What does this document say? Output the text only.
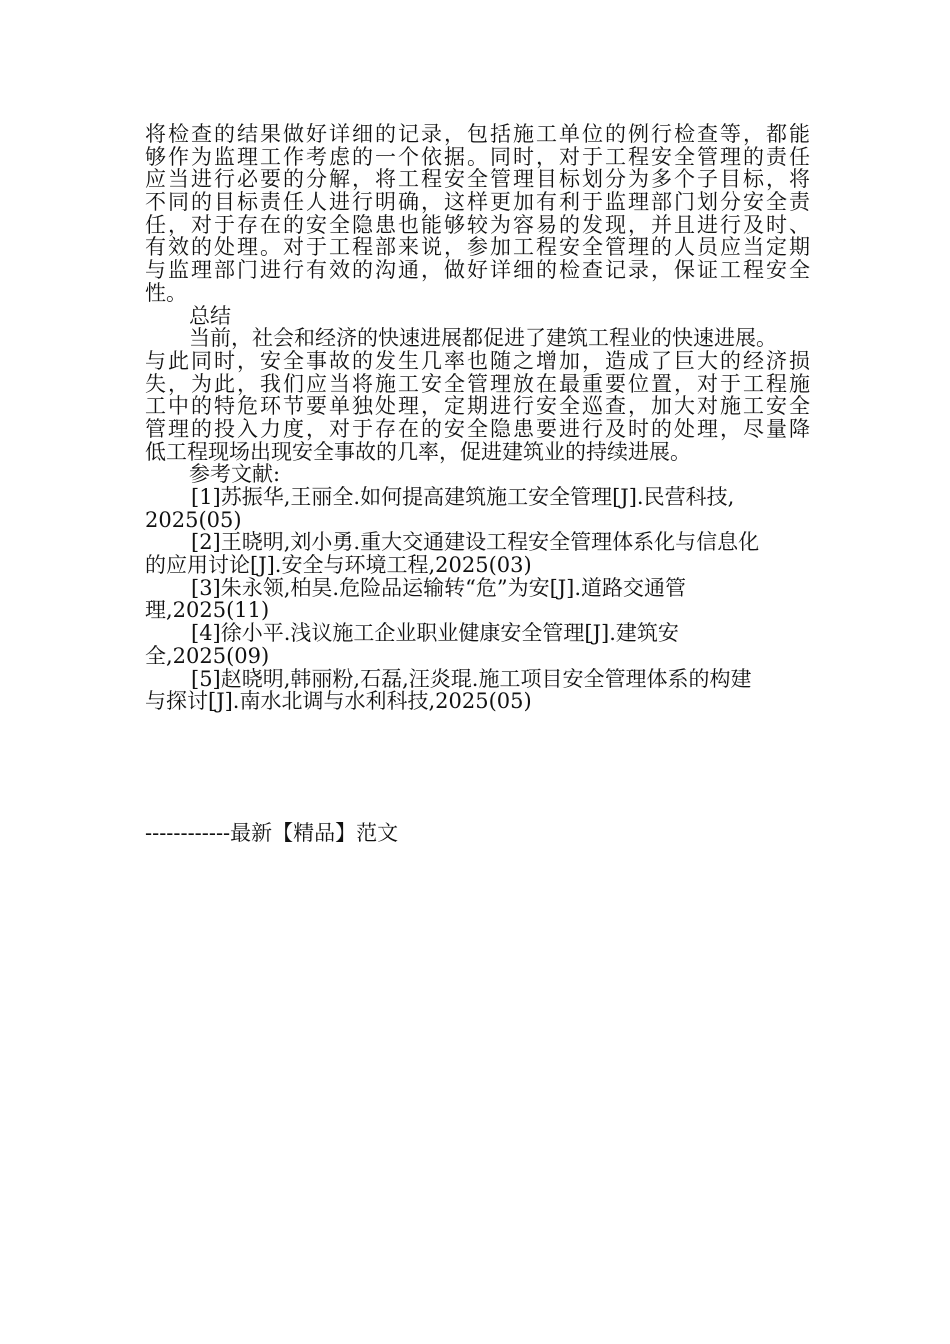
将检查的结果做好详细的记录，包括施工单位的例行检查等，都能
够作为监理工作考虑的一个依据。同时，对于工程安全管理的责任
应当进行必要的分解，将工程安全管理目标划分为多个子目标，将
不同的目标责任人进行明确，这样更加有利于监理部门划分安全责
任，对于存在的安全隐患也能够较为容易的发现，并且进行及时、
有效的处理。对于工程部来说，参加工程安全管理的人员应当定期
与监理部门进行有效的沟通，做好详细的检查记录，保证工程安全
性。
总结
当前，社会和经济的快速进展都促进了建筑工程业的快速进展。
与此同时，安全事故的发生几率也随之增加，造成了巨大的经济损
失，为此，我们应当将施工安全管理放在最重要位置，对于工程施
工中的特危环节要单独处理，定期进行安全巡查，加大对施工安全
管理的投入力度，对于存在的安全隐患要进行及时的处理，尽量降
低工程现场出现安全事故的几率，促进建筑业的持续进展。
参考文献:
[1]苏振华,王丽全.如何提高建筑施工安全管理[J].民营科技,
2025(05)
[2]王晓明,刘小勇.重大交通建设工程安全管理体系化与信息化
的应用讨论[J].安全与环境工程,2025(03)
[3]朱永领,柏昊.危险品运输转“危”为安[J].道路交通管
理,2025(11)
[4]徐小平.浅议施工企业职业健康安全管理[J].建筑安
全,2025(09)
[5]赵晓明,韩丽粉,石磊,汪炎琨.施工项目安全管理体系的构建
与探讨[J].南水北调与水利科技,2025(05)
------------最新【精品】范文
